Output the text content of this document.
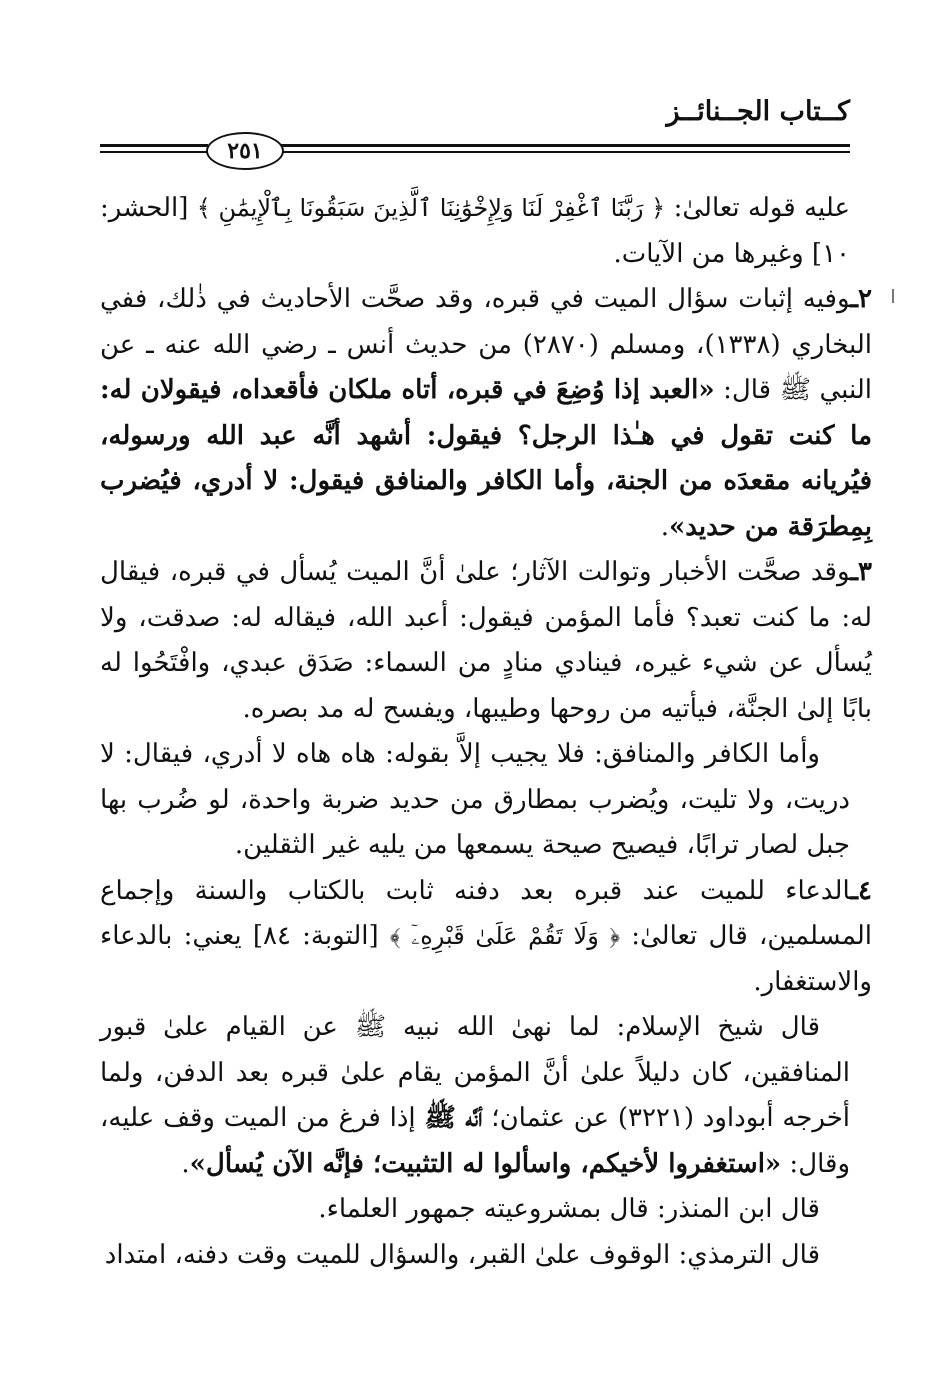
كــتاب الجــنائــز
٢٥١

عليه قوله تعالىٰ: ﴿ رَبَّنَا ٱغْفِرْ لَنَا وَلِإِخْوَٰنِنَا ٱلَّذِينَ سَبَقُونَا بِٱلْإِيمَٰنِ ﴾ [الحشر: ١٠] وغيرها من الآيات.

٢ـوفيه إثبات سؤال الميت في قبره، وقد صحَّت الأحاديث في ذٰلك، ففي البخاري (١٣٣٨)، ومسلم (٢٨٧٠) من حديث أنس ـ رضي الله عنه ـ عن النبي ﷺ قال: «العبد إذا وُضِعَ في قبره، أتاه ملكان فأقعداه، فيقولان له: ما كنت تقول في هـٰذا الرجل؟ فيقول: أشهد أنَّه عبد الله ورسوله، فيُريانه مقعدَه من الجنة، وأما الكافر والمنافق فيقول: لا أدري، فيُضرب بِمِطرَقة من حديد».

٣ـوقد صحَّت الأخبار وتوالت الآثار؛ علىٰ أنَّ الميت يُسأل في قبره، فيقال له: ما كنت تعبد؟ فأما المؤمن فيقول: أعبد الله، فيقاله له: صدقت، ولا يُسأل عن شيء غيره، فينادي منادٍ من السماء: صَدَق عبدي، وافْتَحُوا له بابًا إلىٰ الجنَّة، فيأتيه من روحها وطيبها، ويفسح له مد بصره.

وأما الكافر والمنافق: فلا يجيب إلاَّ بقوله: هاه هاه لا أدري، فيقال: لا دريت، ولا تليت، ويُضرب بمطارق من حديد ضربة واحدة، لو ضُرب بها جبل لصار ترابًا، فيصيح صيحة يسمعها من يليه غير الثقلين.

٤ـالدعاء للميت عند قبره بعد دفنه ثابت بالكتاب والسنة وإجماع المسلمين، قال تعالىٰ: ﴿ وَلَا تَقُمْ عَلَىٰ قَبْرِهِۦٓ ﴾ [التوبة: ٨٤] يعني: بالدعاء والاستغفار.

قال شيخ الإسلام: لما نهىٰ الله نبيه ﷺ عن القيام علىٰ قبور المنافقين، كان دليلاً علىٰ أنَّ المؤمن يقام علىٰ قبره بعد الدفن، ولما أخرجه أبوداود (٣٢٢١) عن عثمان؛ أنَّه ﷺ إذا فرغ من الميت وقف عليه، وقال: «استغفروا لأخيكم، واسألوا له التثبيت؛ فإنَّه الآن يُسأل».

قال ابن المنذر: قال بمشروعيته جمهور العلماء.

قال الترمذي: الوقوف علىٰ القبر، والسؤال للميت وقت دفنه، امتداد
